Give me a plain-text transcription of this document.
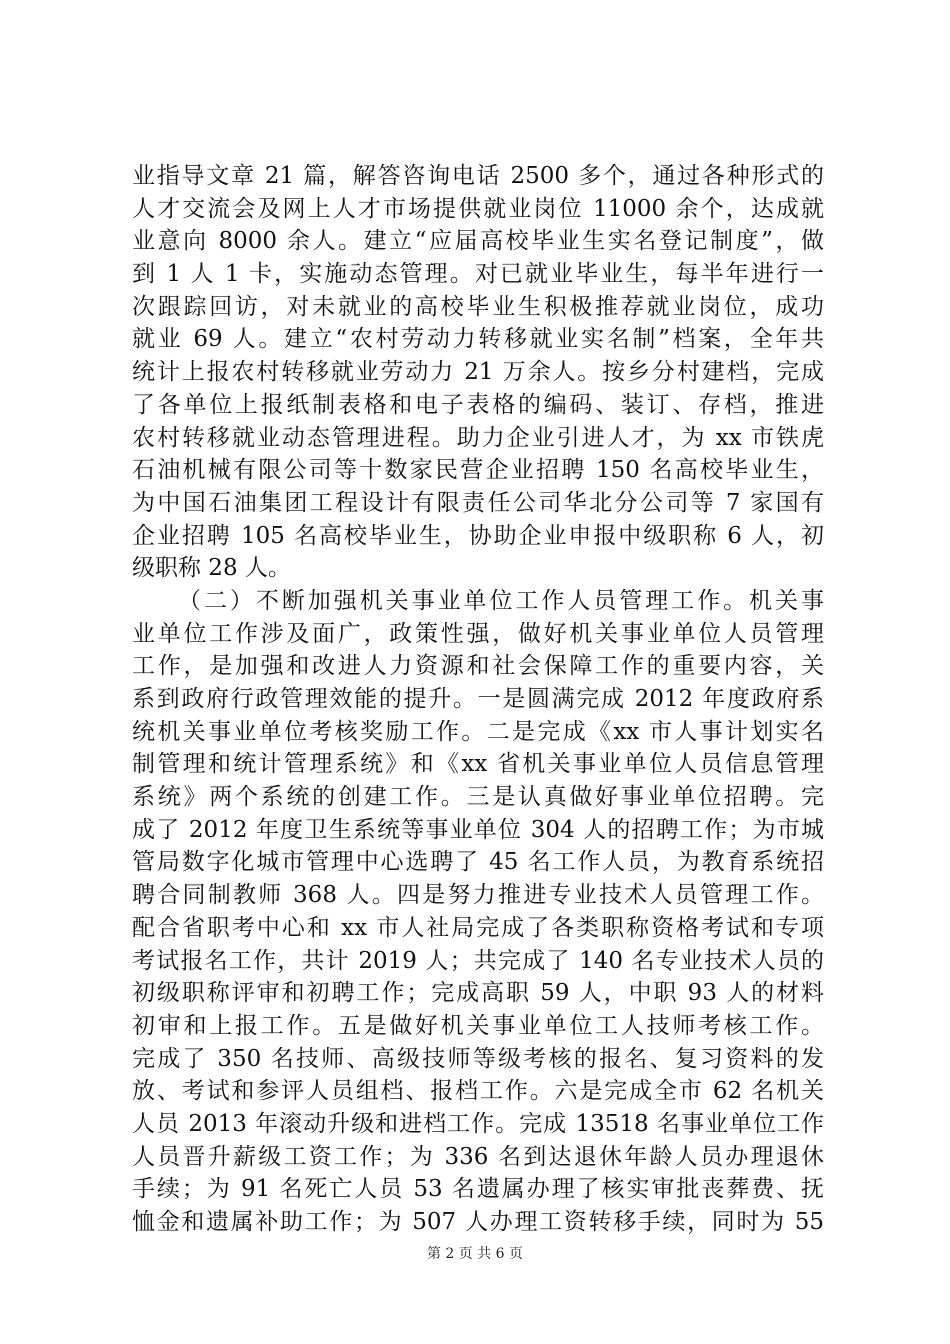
业指导文章 21 篇，解答咨询电话 2500 多个，通过各种形式的
人才交流会及网上人才市场提供就业岗位 11000 余个，达成就
业意向 8000 余人。建立“应届高校毕业生实名登记制度”，做
到 1 人 1 卡，实施动态管理。对已就业毕业生，每半年进行一
次跟踪回访，对未就业的高校毕业生积极推荐就业岗位，成功
就业 69 人。建立“农村劳动力转移就业实名制”档案，全年共
统计上报农村转移就业劳动力 21 万余人。按乡分村建档，完成
了各单位上报纸制表格和电子表格的编码、装订、存档，推进
农村转移就业动态管理进程。助力企业引进人才，为 xx 市铁虎
石油机械有限公司等十数家民营企业招聘 150 名高校毕业生，
为中国石油集团工程设计有限责任公司华北分公司等 7 家国有
企业招聘 105 名高校毕业生，协助企业申报中级职称 6 人，初
级职称 28 人。
（二）不断加强机关事业单位工作人员管理工作。机关事
业单位工作涉及面广，政策性强，做好机关事业单位人员管理
工作，是加强和改进人力资源和社会保障工作的重要内容，关
系到政府行政管理效能的提升。一是圆满完成 2012 年度政府系
统机关事业单位考核奖励工作。二是完成《xx 市人事计划实名
制管理和统计管理系统》和《xx 省机关事业单位人员信息管理
系统》两个系统的创建工作。三是认真做好事业单位招聘。完
成了 2012 年度卫生系统等事业单位 304 人的招聘工作；为市城
管局数字化城市管理中心选聘了 45 名工作人员，为教育系统招
聘合同制教师 368 人。四是努力推进专业技术人员管理工作。
配合省职考中心和 xx 市人社局完成了各类职称资格考试和专项
考试报名工作，共计 2019 人；共完成了 140 名专业技术人员的
初级职称评审和初聘工作；完成高职 59 人，中职 93 人的材料
初审和上报工作。五是做好机关事业单位工人技师考核工作。
完成了 350 名技师、高级技师等级考核的报名、复习资料的发
放、考试和参评人员组档、报档工作。六是完成全市 62 名机关
人员 2013 年滚动升级和进档工作。完成 13518 名事业单位工作
人员晋升薪级工资工作；为 336 名到达退休年龄人员办理退休
手续；为 91 名死亡人员 53 名遗属办理了核实审批丧葬费、抚
恤金和遗属补助工作；为 507 人办理工资转移手续，同时为 55
第 2 页 共 6 页
